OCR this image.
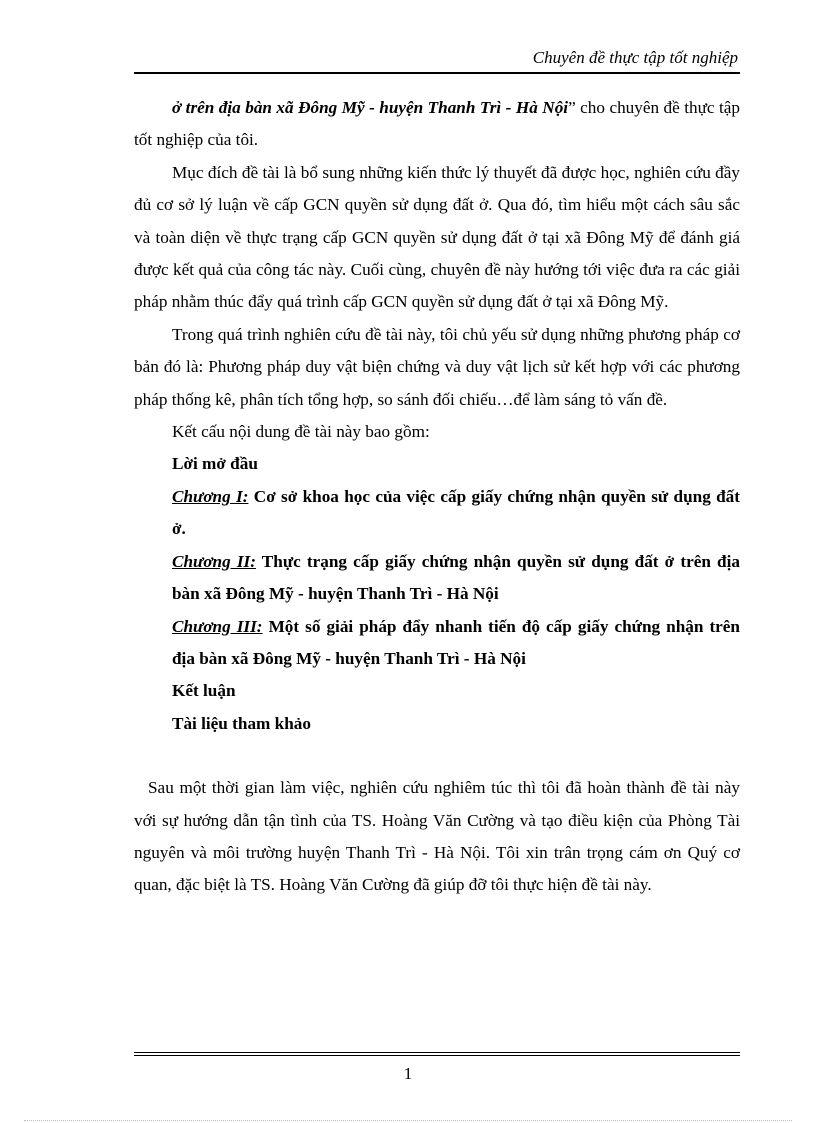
Chuyên đề thực tập tốt nghiệp

ở trên địa bàn xã Đông Mỹ - huyện Thanh Trì - Hà Nội” cho chuyên đề thực tập tốt nghiệp của tôi.

Mục đích đề tài là bổ sung những kiến thức lý thuyết đã được học, nghiên cứu đầy đủ cơ sở lý luận về cấp GCN quyền sử dụng đất ở. Qua đó, tìm hiểu một cách sâu sắc và toàn diện về thực trạng cấp GCN quyền sử dụng đất ở tại xã Đông Mỹ để đánh giá được kết quả của công tác này. Cuối cùng, chuyên đề này hướng tới việc đưa ra các giải pháp nhằm thúc đẩy quá trình cấp GCN quyền sử dụng đất ở tại xã Đông Mỹ.

Trong quá trình nghiên cứu đề tài này, tôi chủ yếu sử dụng những phương pháp cơ bản đó là: Phương pháp duy vật biện chứng và duy vật lịch sử kết hợp với các phương pháp thống kê, phân tích tổng hợp, so sánh đối chiếu…để làm sáng tỏ vấn đề.

Kết cấu nội dung đề tài này bao gồm:

Lời mở đầu

Chương I: Cơ sở khoa học của việc cấp giấy chứng nhận quyền sử dụng đất ở.

Chương II: Thực trạng cấp giấy chứng nhận quyền sử dụng đất ở trên địa bàn xã Đông Mỹ - huyện Thanh Trì - Hà Nội

Chương III: Một số giải pháp đẩy nhanh tiến độ cấp giấy chứng nhận trên địa bàn xã Đông Mỹ - huyện Thanh Trì - Hà Nội

Kết luận

Tài liệu tham khảo

Sau một thời gian làm việc, nghiên cứu nghiêm túc thì tôi đã hoàn thành đề tài này với sự hướng dẫn tận tình của TS. Hoàng Văn Cường và tạo điều kiện của Phòng Tài nguyên và môi trường huyện Thanh Trì - Hà Nội. Tôi xin trân trọng cám ơn Quý cơ quan, đặc biệt là TS. Hoàng Văn Cường đã giúp đỡ tôi thực hiện đề tài này.

1
